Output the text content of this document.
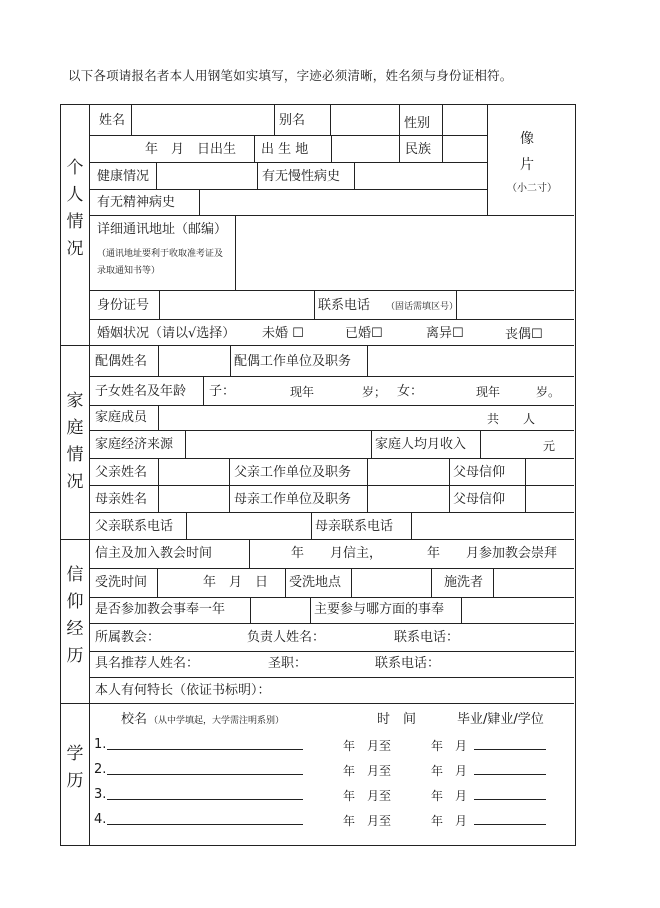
以下各项请报名者本人用钢笔如实填写，字迹必须清晰，姓名须与身份证相符。
个
人
情
况
像
片
（小二寸）
姓名	别名	性别
年　月　日出生 出 生 地	民族
健康情况	有无慢性病史
有无精神病史
详细通讯地址（邮编）
（通讯地址要利于收取准考证及
录取通知书等）
身份证号	联系电话 （固话需填区号）
婚姻状况（请以√选择） 未婚 ☐	已婚☐	离异☐	丧偶☐
家
庭
情
况
配偶姓名	配偶工作单位及职务
子女姓名及年龄 子：	现年　　　　岁； 女：	现年　　　岁。
家庭成员	共　　人
家庭经济来源	家庭人均月收入	元
父亲姓名	父亲工作单位及职务	父母信仰
母亲姓名	母亲工作单位及职务	父母信仰
父亲联系电话	母亲联系电话
信
仰
经
历
信主及加入教会时间	年　　月信主，	年　　月参加教会崇拜
受洗时间	年　月　日 受洗地点	施洗者
是否参加教会事奉一年	主要参与哪方面的事奉
所属教会：	负责人姓名：	联系电话：
具名推荐人姓名：	圣职：	联系电话：
本人有何特长（依证书标明）：
学
历
校名 （从中学填起，大学需注明系别）	时　间	毕业/肄业/学位
1.	年　月至	年　月
2.	年　月至	年　月
3.	年　月至	年　月
4.	年　月至	年　月
